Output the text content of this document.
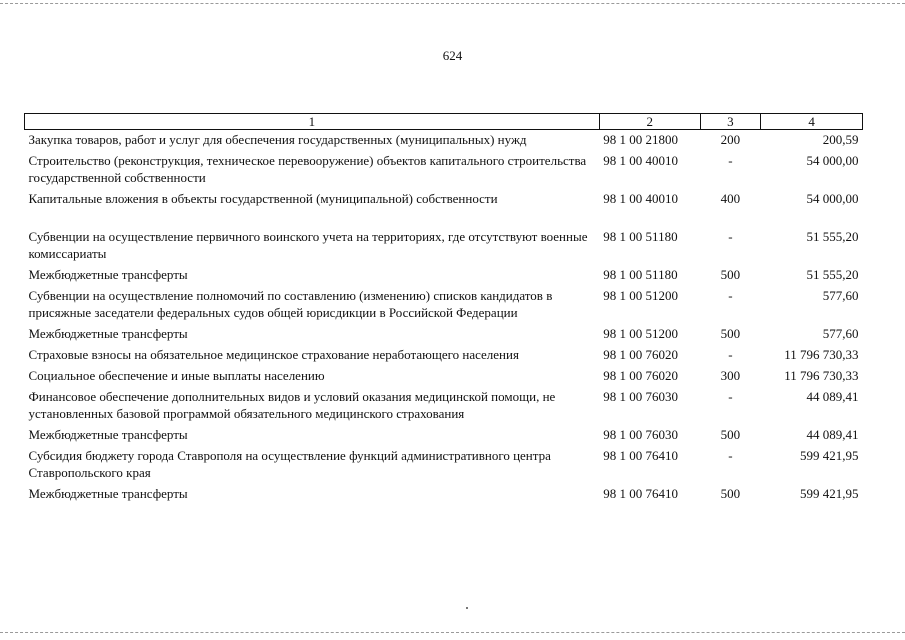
624
1	2	3	4
Закупка товаров, работ и услуг для обеспечения государственных (муниципальных) нужд	98 1 00 21800	200	200,59
Строительство (реконструкция, техническое перевооружение) объектов капитального строительства государственной собственности	98 1 00 40010	-	54 000,00
Капитальные вложения в объекты государственной (муниципальной) собственности	98 1 00 40010	400	54 000,00
Субвенции на осуществление первичного воинского учета на территориях, где отсутствуют военные комиссариаты	98 1 00 51180	-	51 555,20
Межбюджетные трансферты	98 1 00 51180	500	51 555,20
Субвенции на осуществление полномочий по составлению (изменению) списков кандидатов в присяжные заседатели федеральных судов общей юрисдикции в Российской Федерации	98 1 00 51200	-	577,60
Межбюджетные трансферты	98 1 00 51200	500	577,60
Страховые взносы на обязательное медицинское страхование неработающего населения	98 1 00 76020	-	11 796 730,33
Социальное обеспечение и иные выплаты населению	98 1 00 76020	300	11 796 730,33
Финансовое обеспечение дополнительных видов и условий оказания медицинской помощи, не установленных базовой программой обязательного медицинского страхования	98 1 00 76030	-	44 089,41
Межбюджетные трансферты	98 1 00 76030	500	44 089,41
Субсидия бюджету города Ставрополя на осуществление функций административного центра Ставропольского края	98 1 00 76410	-	599 421,95
Межбюджетные трансферты	98 1 00 76410	500	599 421,95
